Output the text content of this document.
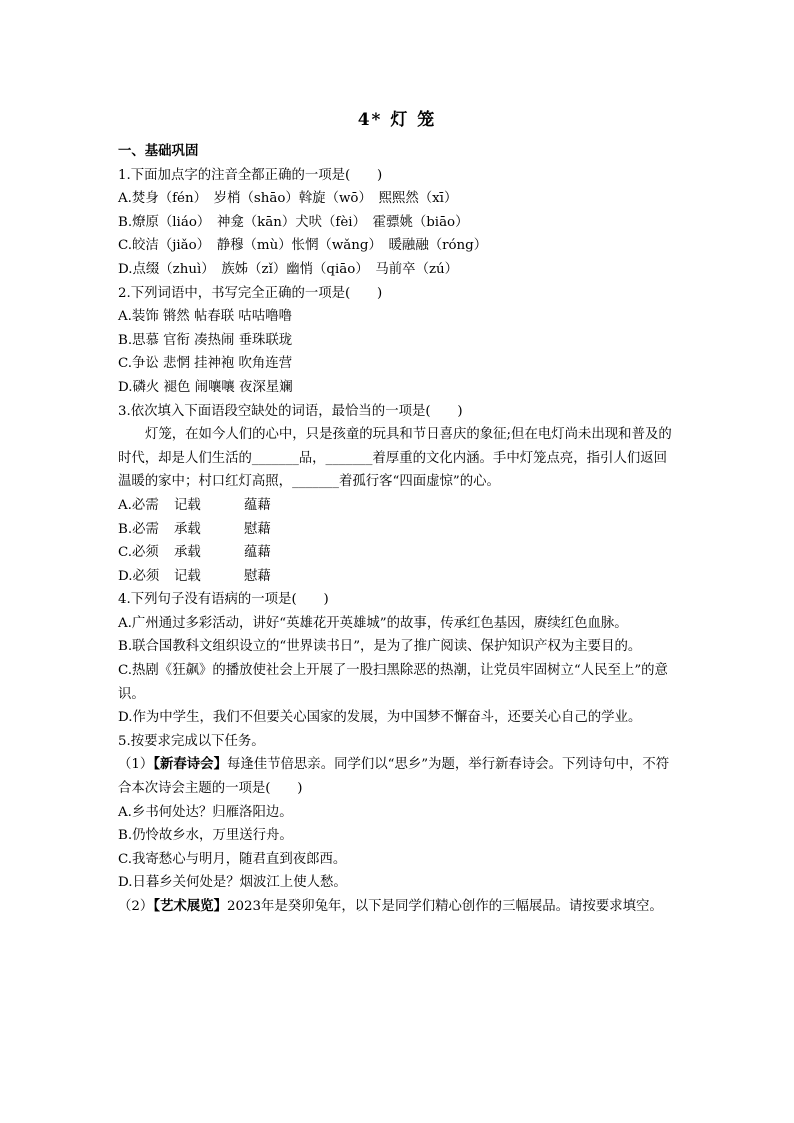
4* 灯 笼
一、基础巩固
1.下面加点字的注音全都正确的一项是(　　)
A.焚身（fén）　岁梢（shāo）斡旋（wō）　熙熙然（xī）
B.燎原（liáo）　神龛（kān）犬吠（fèi）　霍骠姚（biāo）
C.皎洁（jiǎo）　静穆（mù）怅惘（wǎng）　暖融融（róng）
D.点缀（zhuì）　族姊（zǐ）幽悄（qiāo）　马前卒（zú）
2.下列词语中，书写完全正确的一项是(　　)
A.装饰 锵然 帖春联 咕咕噜噜
B.思慕 官衔 凑热闹 垂珠联珑
C.争讼 悲惘 挂神袍 吹角连营
D.磷火 褪色 闹嚷嚷 夜深星斓
3.依次填入下面语段空缺处的词语，最恰当的一项是(　　)
灯笼，在如今人们的心中，只是孩童的玩具和节日喜庆的象征;但在电灯尚未出现和普及的时代，却是人们生活的_______品，_______着厚重的文化内涵。手中灯笼点亮，指引人们返回温暖的家中；村口红灯高照，_______着孤行客“四面虚惊”的心。
A.必需 记载	蕴藉
B.必需 承载	慰藉
C.必须 承载	蕴藉
D.必须 记载	慰藉
4.下列句子没有语病的一项是(　　)
A.广州通过多彩活动，讲好“英雄花开英雄城”的故事，传承红色基因，赓续红色血脉。
B.联合国教科文组织设立的“世界读书日”，是为了推广阅读、保护知识产权为主要目的。
C.热剧《狂飙》的播放使社会上开展了一股扫黑除恶的热潮，让党员牢固树立“人民至上”的意识。
D.作为中学生，我们不但要关心国家的发展，为中国梦不懈奋斗，还要关心自己的学业。
5.按要求完成以下任务。
（1）【新春诗会】每逢佳节倍思亲。同学们以“思乡”为题，举行新春诗会。下列诗句中，不符合本次诗会主题的一项是(　　)
A.乡书何处达？归雁洛阳边。
B.仍怜故乡水，万里送行舟。
C.我寄愁心与明月，随君直到夜郎西。
D.日暮乡关何处是？烟波江上使人愁。
（2）【艺术展览】2023年是癸卯兔年，以下是同学们精心创作的三幅展品。请按要求填空。
